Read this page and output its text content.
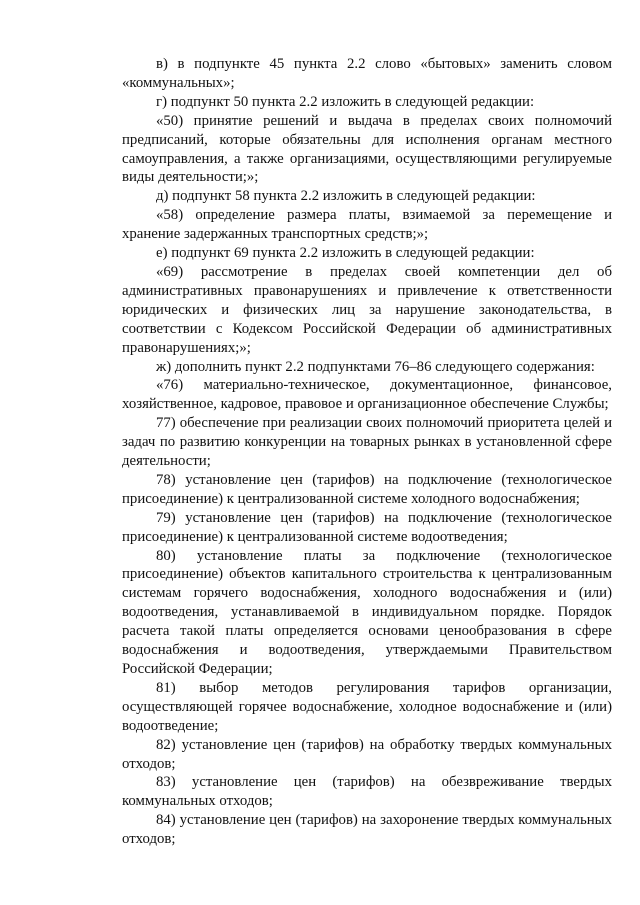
в) в подпункте 45 пункта 2.2 слово «бытовых» заменить словом «коммунальных»;

г) подпункт 50 пункта 2.2 изложить в следующей редакции:

«50) принятие решений и выдача в пределах своих полномочий предписаний, которые обязательны для исполнения органам местного самоуправления, а также организациями, осуществляющими регулируемые виды деятельности;»;

д) подпункт 58 пункта 2.2 изложить в следующей редакции:

«58) определение размера платы, взимаемой за перемещение и хранение задержанных транспортных средств;»;

е) подпункт 69 пункта 2.2 изложить в следующей редакции:

«69) рассмотрение в пределах своей компетенции дел об административных правонарушениях и привлечение к ответственности юридических и физических лиц за нарушение законодательства, в соответствии с Кодексом Российской Федерации об административных правонарушениях;»;

ж) дополнить пункт 2.2 подпунктами 76–86 следующего содержания:

«76) материально-техническое, документационное, финансовое, хозяйственное, кадровое, правовое и организационное обеспечение Службы;

77) обеспечение при реализации своих полномочий приоритета целей и задач по развитию конкуренции на товарных рынках в установленной сфере деятельности;

78) установление цен (тарифов) на подключение (технологическое присоединение) к централизованной системе холодного водоснабжения;

79) установление цен (тарифов) на подключение (технологическое присоединение) к централизованной системе водоотведения;

80) установление платы за подключение (технологическое присоединение) объектов капитального строительства к централизованным системам горячего водоснабжения, холодного водоснабжения и (или) водоотведения, устанавливаемой в индивидуальном порядке. Порядок расчета такой платы определяется основами ценообразования в сфере водоснабжения и водоотведения, утверждаемыми Правительством Российской Федерации;

81) выбор методов регулирования тарифов организации, осуществляющей горячее водоснабжение, холодное водоснабжение и (или) водоотведение;

82) установление цен (тарифов) на обработку твердых коммунальных отходов;

83) установление цен (тарифов) на обезвреживание твердых коммунальных отходов;

84) установление цен (тарифов) на захоронение твердых коммунальных отходов;
